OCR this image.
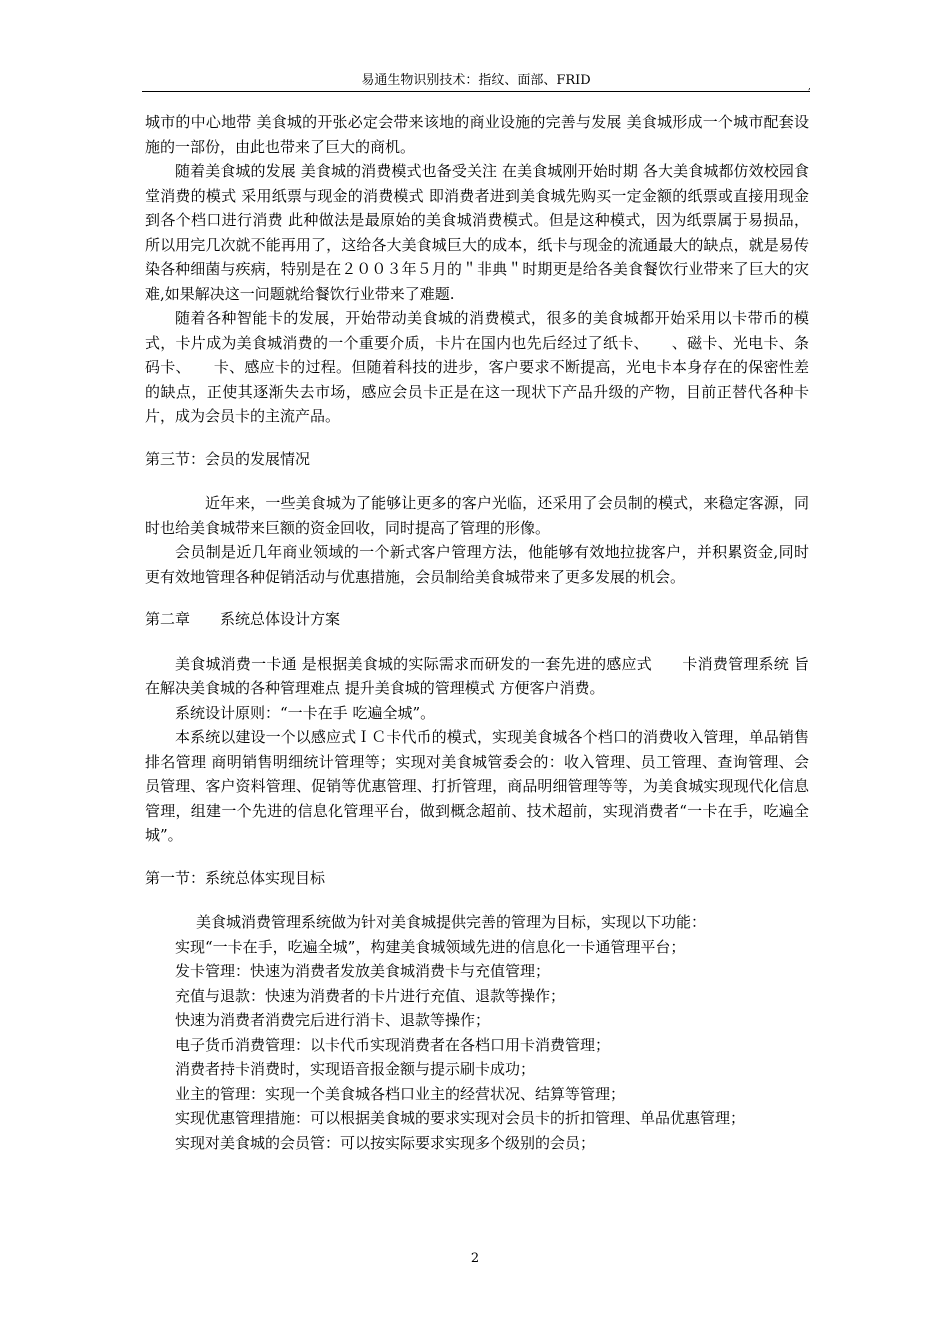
易通生物识别技术：指纹、面部、FRID	,

城市的中心地带 美食城的开张必定会带来该地的商业设施的完善与发展 美食城形成一个城市配套设施的一部份，由此也带来了巨大的商机。

随着美食城的发展 美食城的消费模式也备受关注 在美食城刚开始时期 各大美食城都仿效校园食堂消费的模式 采用纸票与现金的消费模式 即消费者进到美食城先购买一定金额的纸票或直接用现金 到各个档口进行消费 此种做法是最原始的美食城消费模式。但是这种模式，因为纸票属于易损品，所以用完几次就不能再用了，这给各大美食城巨大的成本，纸卡与现金的流通最大的缺点，就是易传染各种细菌与疾病，特别是在２００３年５月的＂非典＂时期更是给各美食餐饮行业带来了巨大的灾难,如果解决这一问题就给餐饮行业带来了难题.

随着各种智能卡的发展，开始带动美食城的消费模式，很多的美食城都开始采用以卡带币的模式，卡片成为美食城消费的一个重要介质，卡片在国内也先后经过了纸卡、　　、磁卡、光电卡、条码卡、　　卡、感应卡的过程。但随着科技的进步，客户要求不断提高，光电卡本身存在的保密性差的缺点，正使其逐渐失去市场，感应会员卡正是在这一现状下产品升级的产物，目前正替代各种卡片，成为会员卡的主流产品。

第三节：会员的发展情况

近年来，一些美食城为了能够让更多的客户光临，还采用了会员制的模式，来稳定客源，同时也给美食城带来巨额的资金回收，同时提高了管理的形像。

会员制是近几年商业领域的一个新式客户管理方法，他能够有效地拉拢客户，并积累资金,同时更有效地管理各种促销活动与优惠措施，会员制给美食城带来了更多发展的机会。

第二章　　系统总体设计方案

美食城消费一卡通 是根据美食城的实际需求而研发的一套先进的感应式　　卡消费管理系统 旨在解决美食城的各种管理难点 提升美食城的管理模式 方便客户消费。

系统设计原则：“一卡在手 吃遍全城”。

本系统以建设一个以感应式ＩＣ卡代币的模式，实现美食城各个档口的消费收入管理，单品销售排名管理 商明销售明细统计管理等；实现对美食城管委会的：收入管理、员工管理、查询管理、会员管理、客户资料管理、促销等优惠管理、打折管理，商品明细管理等等，为美食城实现现代化信息管理，组建一个先进的信息化管理平台，做到概念超前、技术超前，实现消费者“一卡在手，吃遍全城”。

第一节：系统总体实现目标

美食城消费管理系统做为针对美食城提供完善的管理为目标，实现以下功能：

实现“一卡在手，吃遍全城”，构建美食城领域先进的信息化一卡通管理平台；

发卡管理：快速为消费者发放美食城消费卡与充值管理；

充值与退款：快速为消费者的卡片进行充值、退款等操作；

快速为消费者消费完后进行消卡、退款等操作；

电子货币消费管理：以卡代币实现消费者在各档口用卡消费管理；

消费者持卡消费时，实现语音报金额与提示刷卡成功；

业主的管理：实现一个美食城各档口业主的经营状况、结算等管理；

实现优惠管理措施：可以根据美食城的要求实现对会员卡的折扣管理、单品优惠管理；

实现对美食城的会员管：可以按实际要求实现多个级别的会员；

2
